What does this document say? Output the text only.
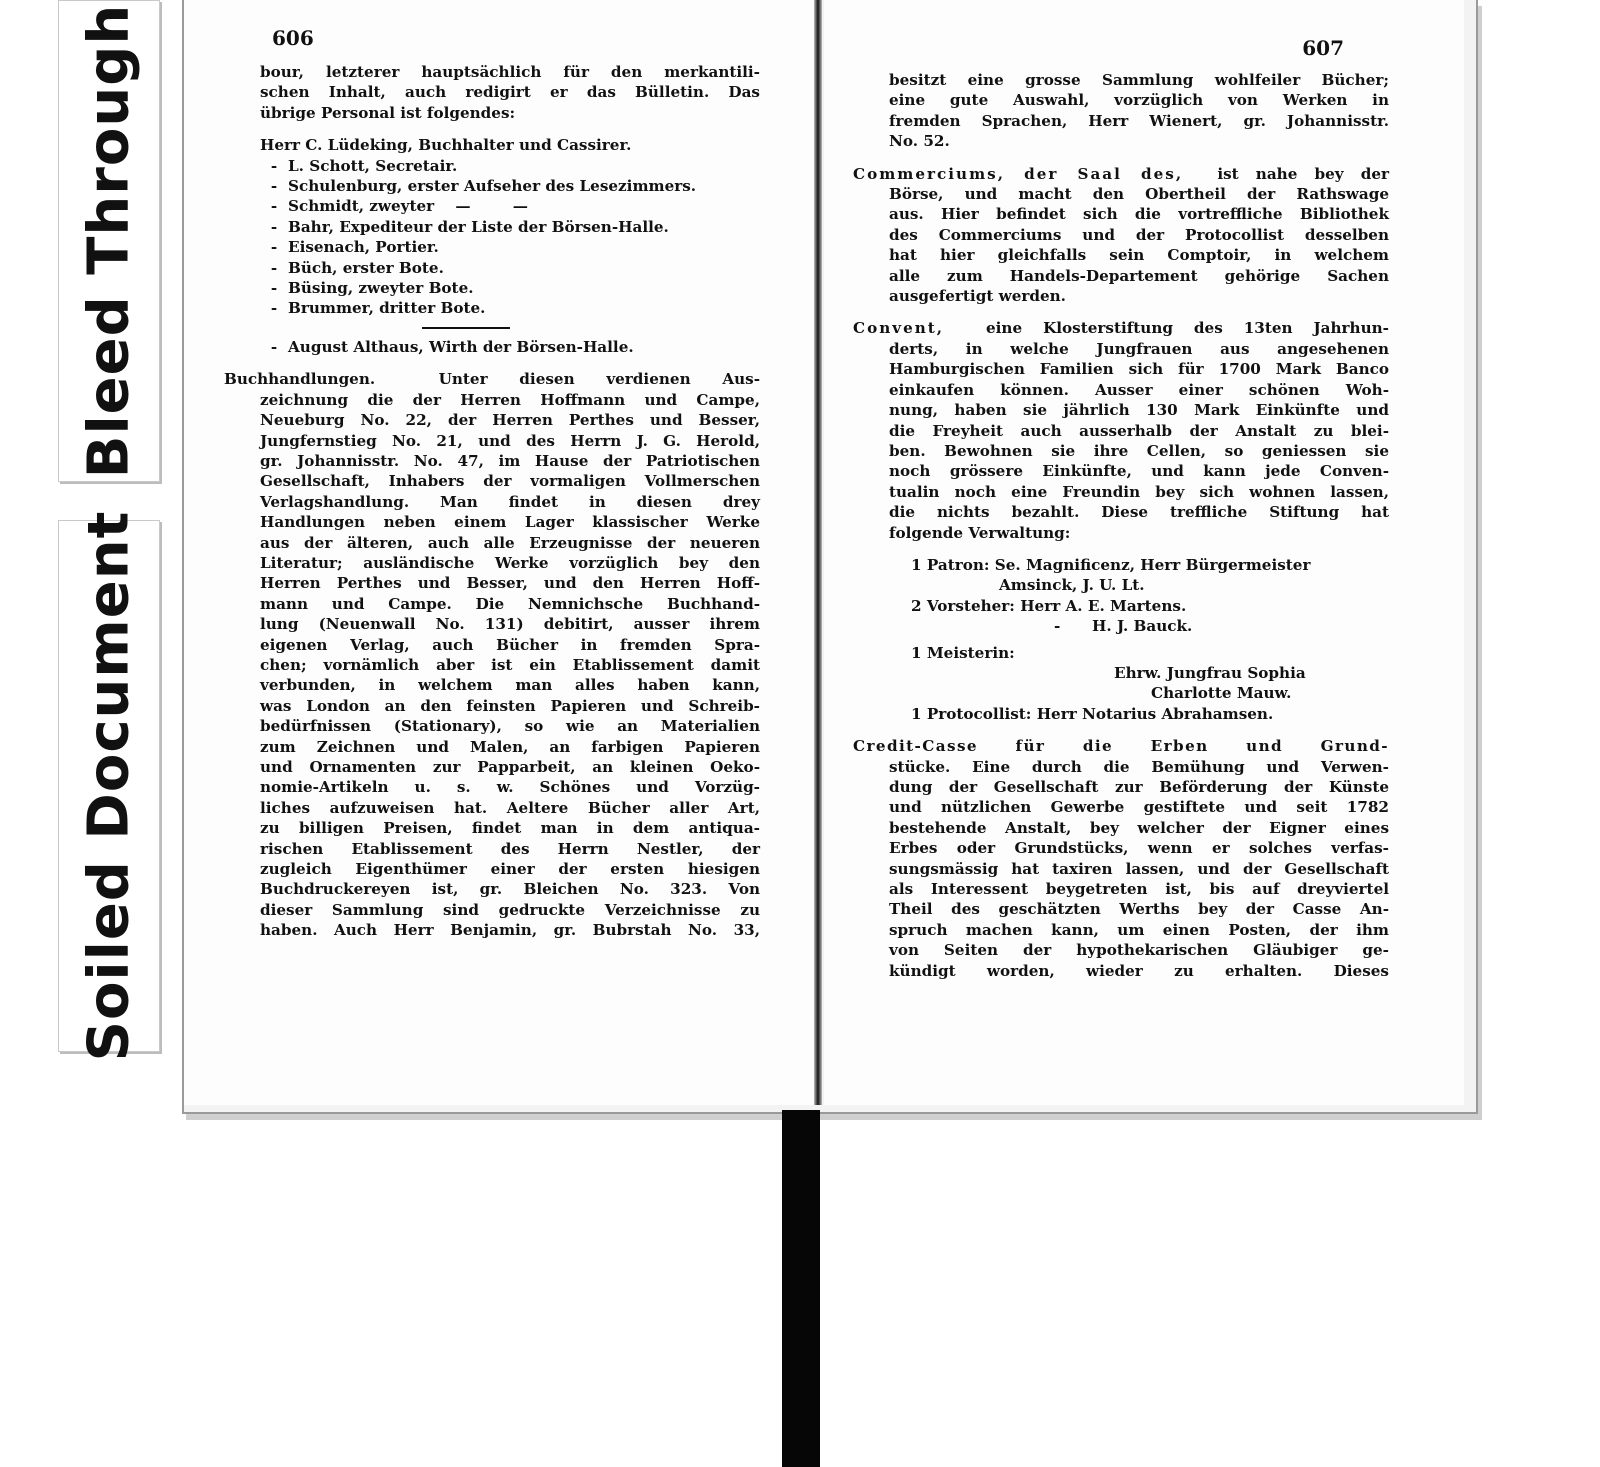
Bleed Through
Soiled Document
606
bour, letzterer hauptsächlich für den merkantili-
schen Inhalt, auch redigirt er das Bülletin. Das
übrige Personal ist folgendes:
Herr C. Lüdeking, Buchhalter und Cassirer.
- L. Schott, Secretair.
- Schulenburg, erster Aufseher des Lesezimmers.
- Schmidt, zweyter    —        —
- Bahr, Expediteur der Liste der Börsen-Halle.
- Eisenach, Portier.
- Büch, erster Bote.
- Büsing, zweyter Bote.
- Brummer, dritter Bote.
- August Althaus, Wirth der Börsen-Halle.
Buchhandlungen.	Unter diesen verdienen Aus-
zeichnung die der Herren Hoffmann und Campe,
Neueburg No. 22, der Herren Perthes und Besser,
Jungfernstieg No. 21, und des Herrn J. G. Herold,
gr. Johannisstr. No. 47, im Hause der Patriotischen
Gesellschaft, Inhabers der vormaligen Vollmerschen
Verlagshandlung. Man findet in diesen drey
Handlungen neben einem Lager klassischer Werke
aus der älteren, auch alle Erzeugnisse der neueren
Literatur; ausländische Werke vorzüglich bey den
Herren Perthes und Besser, und den Herren Hoff-
mann und Campe. Die Nemnichsche Buchhand-
lung (Neuenwall No. 131) debitirt, ausser ihrem
eigenen Verlag, auch Bücher in fremden Spra-
chen; vornämlich aber ist ein Etablissement damit
verbunden, in welchem man alles haben kann,
was London an den feinsten Papieren und Schreib-
bedürfnissen (Stationary), so wie an Materialien
zum Zeichnen und Malen, an farbigen Papieren
und Ornamenten zur Papparbeit, an kleinen Oeko-
nomie-Artikeln u. s. w. Schönes und Vorzüg-
liches aufzuweisen hat. Aeltere Bücher aller Art,
zu billigen Preisen, findet man in dem antiqua-
rischen Etablissement des Herrn Nestler, der
zugleich Eigenthümer einer der ersten hiesigen
Buchdruckereyen ist, gr. Bleichen No. 323. Von
dieser Sammlung sind gedruckte Verzeichnisse zu
haben. Auch Herr Benjamin, gr. Bubrstah No. 33,
607
besitzt eine grosse Sammlung wohlfeiler Bücher;
eine gute Auswahl, vorzüglich von Werken in
fremden Sprachen, Herr Wienert, gr. Johannisstr.
No. 52.
Commerciums, der Saal des, ist nahe bey der
Börse, und macht den Obertheil der Rathswage
aus. Hier befindet sich die vortreffliche Bibliothek
des Commerciums und der Protocollist desselben
hat hier gleichfalls sein Comptoir, in welchem
alle zum Handels-Departement gehörige Sachen
ausgefertigt werden.
Convent,	eine Klosterstiftung des 13ten Jahrhun-
derts, in welche Jungfrauen aus angesehenen
Hamburgischen Familien sich für 1700 Mark Banco
einkaufen können. Ausser einer schönen Woh-
nung, haben sie jährlich 130 Mark Einkünfte und
die Freyheit auch ausserhalb der Anstalt zu blei-
ben. Bewohnen sie ihre Cellen, so geniessen sie
noch grössere Einkünfte, und kann jede Conven-
tualin noch eine Freundin bey sich wohnen lassen,
die nichts bezahlt. Diese treffliche Stiftung hat
folgende Verwaltung:
1 Patron: Se. Magnificenz, Herr Bürgermeister
Amsinck, J. U. Lt.
2 Vorsteher: Herr A. E. Martens.
-      H. J. Bauck.
1 Meisterin:
Ehrw. Jungfrau Sophia
Charlotte Mauw.
1 Protocollist: Herr Notarius Abrahamsen.
Credit-Casse für die Erben und Grund-
stücke. Eine durch die Bemühung und Verwen-
dung der Gesellschaft zur Beförderung der Künste
und nützlichen Gewerbe gestiftete und seit 1782
bestehende Anstalt, bey welcher der Eigner eines
Erbes oder Grundstücks, wenn er solches verfas-
sungsmässig hat taxiren lassen, und der Gesellschaft
als Interessent beygetreten ist, bis auf dreyviertel
Theil des geschätzten Werths bey der Casse An-
spruch machen kann, um einen Posten, der ihm
von Seiten der hypothekarischen Gläubiger ge-
kündigt worden, wieder zu erhalten. Dieses
